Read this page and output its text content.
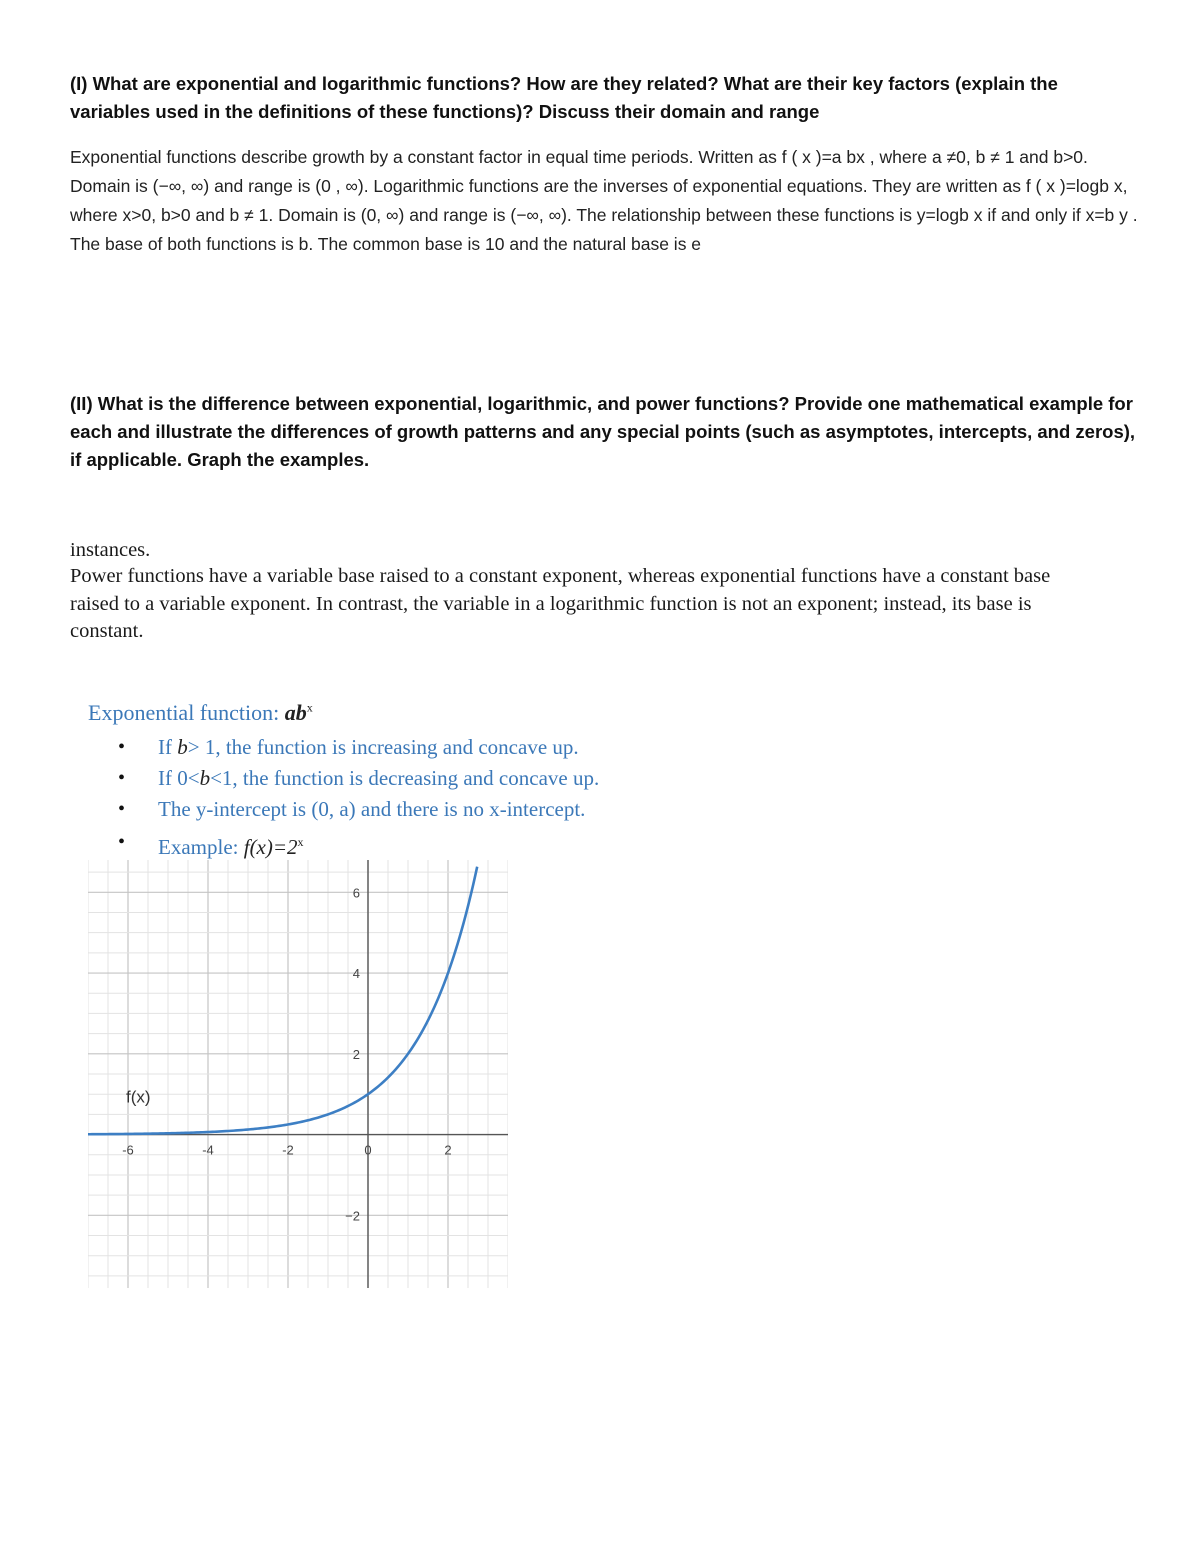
(I) What are exponential and logarithmic functions? How are they related? What are their key factors (explain the variables used in the definitions of these functions)? Discuss their domain and range
Exponential functions describe growth by a constant factor in equal time periods. Written as f ( x )=a bx , where a ≠0, b ≠ 1 and b>0. Domain is (−∞, ∞) and range is (0 , ∞). Logarithmic functions are the inverses of exponential equations. They are written as f ( x )=logb x, where x>0, b>0 and b ≠ 1. Domain is (0, ∞) and range is (−∞, ∞). The relationship between these functions is y=logb x if and only if x=b y . The base of both functions is b. The common base is 10 and the natural base is e
(II) What is the difference between exponential, logarithmic, and power functions? Provide one mathematical example for each and illustrate the differences of growth patterns and any special points (such as asymptotes, intercepts, and zeros), if applicable. Graph the examples.
instances.
Power functions have a variable base raised to a constant exponent, whereas exponential functions have a constant base raised to a variable exponent. In contrast, the variable in a logarithmic function is not an exponent; instead, its base is constant.
Exponential function: $ab^x$
• If b> 1, the function is increasing and concave up.
• If 0<b<1, the function is decreasing and concave up.
• The y-intercept is (0, a) and there is no x-intercept.
• Example: $f(x)=2^x$
-6	-4	-2	0	2
6
4
2
−2
f(x)
